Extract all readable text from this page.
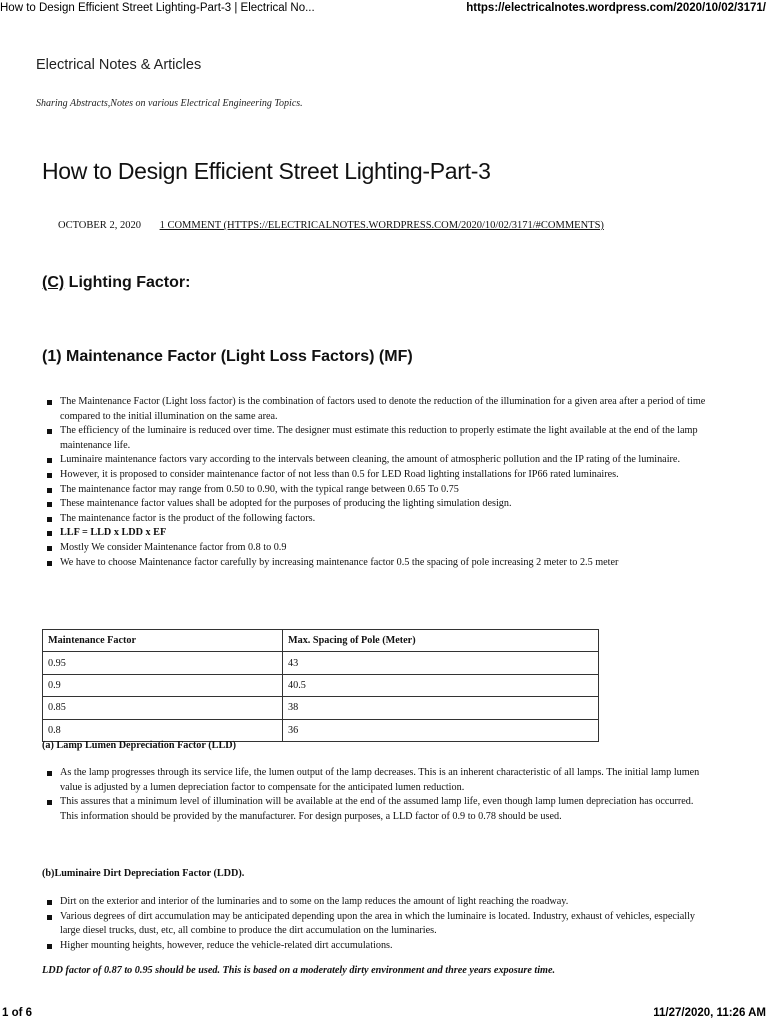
How to Design Efficient Street Lighting-Part-3 | Electrical No...	https://electricalnotes.wordpress.com/2020/10/02/3171/
Electrical Notes & Articles
Sharing Abstracts,Notes on various Electrical Engineering Topics.
How to Design Efficient Street Lighting-Part-3
OCTOBER 2, 2020 1 COMMENT (HTTPS://ELECTRICALNOTES.WORDPRESS.COM/2020/10/02/3171/#COMMENTS)
(C) Lighting Factor:
(1) Maintenance Factor (Light Loss Factors) (MF)
The Maintenance Factor (Light loss factor) is the combination of factors used to denote the reduction of the illumination for a given area after a period of time compared to the initial illumination on the same area.
The efficiency of the luminaire is reduced over time. The designer must estimate this reduction to properly estimate the light available at the end of the lamp maintenance life.
Luminaire maintenance factors vary according to the intervals between cleaning, the amount of atmospheric pollution and the IP rating of the luminaire.
However, it is proposed to consider maintenance factor of not less than 0.5 for LED Road lighting installations for IP66 rated luminaires.
The maintenance factor may range from 0.50 to 0.90, with the typical range between 0.65 To 0.75
These maintenance factor values shall be adopted for the purposes of producing the lighting simulation design.
The maintenance factor is the product of the following factors.
LLF = LLD x LDD x EF
Mostly We consider Maintenance factor from 0.8 to 0.9
We have to choose Maintenance factor carefully by increasing maintenance factor 0.5 the spacing of pole increasing 2 meter to 2.5 meter
Maintenance Factor	Max. Spacing of Pole (Meter)
0.95	43
0.9	40.5
0.85	38
0.8	36
(a) Lamp Lumen Depreciation Factor (LLD)
As the lamp progresses through its service life, the lumen output of the lamp decreases. This is an inherent characteristic of all lamps. The initial lamp lumen value is adjusted by a lumen depreciation factor to compensate for the anticipated lumen reduction.
This assures that a minimum level of illumination will be available at the end of the assumed lamp life, even though lamp lumen depreciation has occurred. This information should be provided by the manufacturer. For design purposes, a LLD factor of 0.9 to 0.78 should be used.
(b)Luminaire Dirt Depreciation Factor (LDD).
Dirt on the exterior and interior of the luminaries and to some on the lamp reduces the amount of light reaching the roadway.
Various degrees of dirt accumulation may be anticipated depending upon the area in which the luminaire is located. Industry, exhaust of vehicles, especially large diesel trucks, dust, etc, all combine to produce the dirt accumulation on the luminaries.
Higher mounting heights, however, reduce the vehicle-related dirt accumulations.
LDD factor of 0.87 to 0.95 should be used. This is based on a moderately dirty environment and three years exposure time.
1 of 6	11/27/2020, 11:26 AM
